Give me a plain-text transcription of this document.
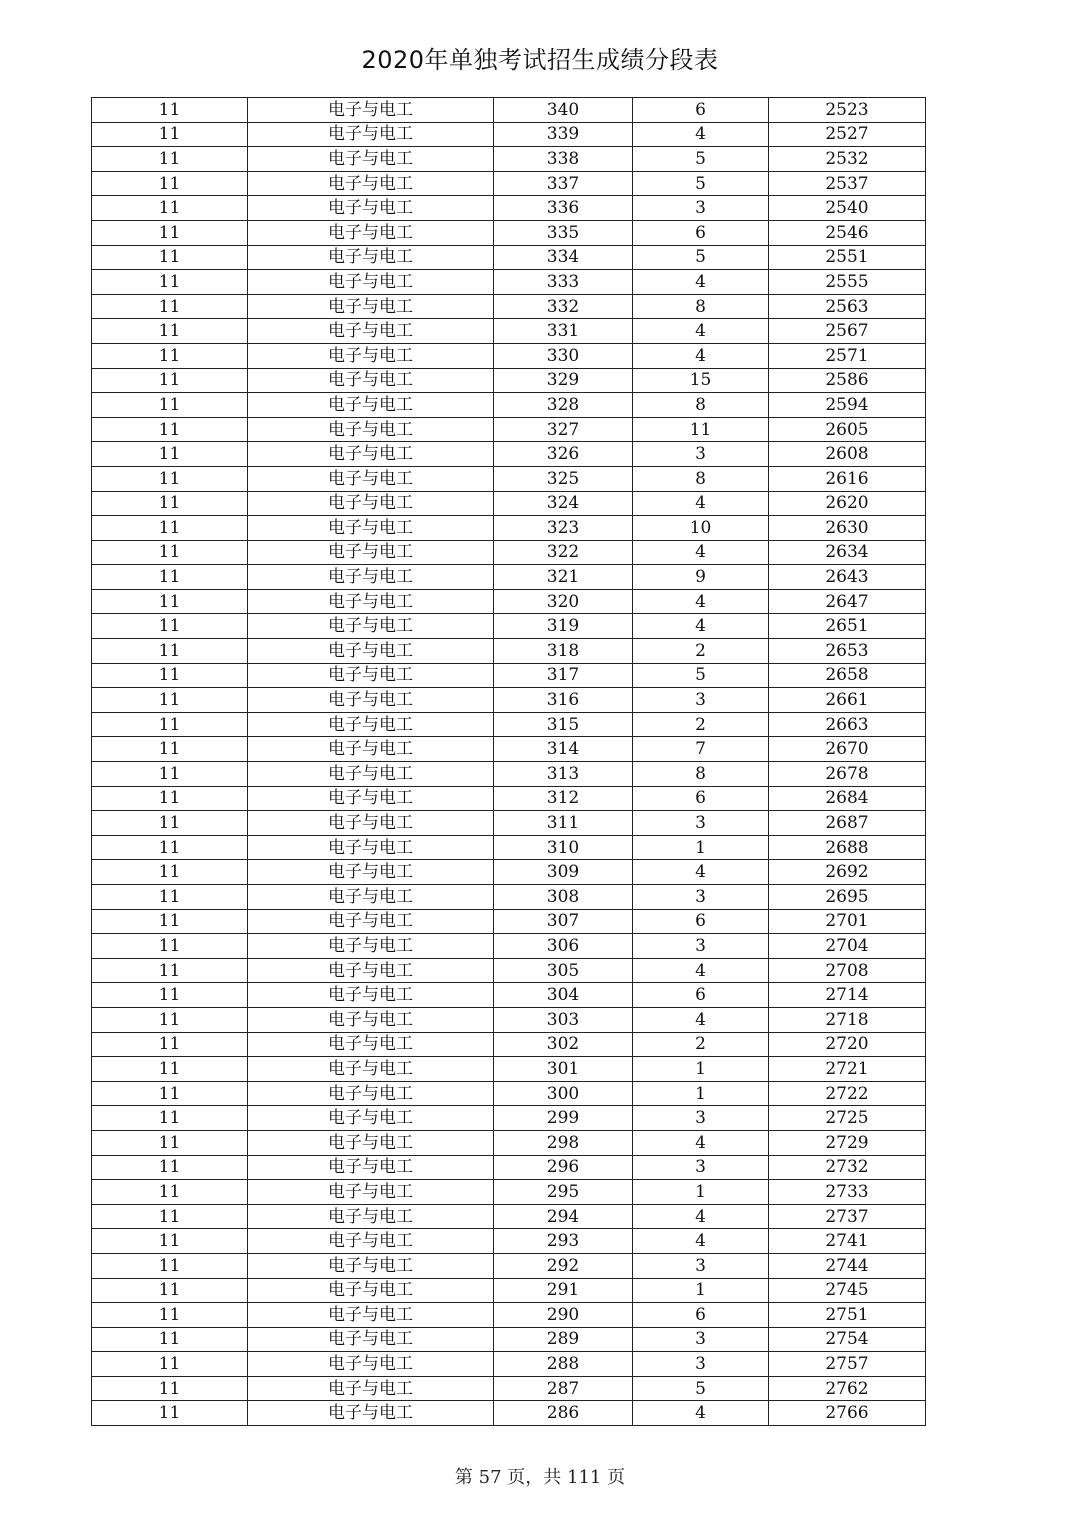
2020年单独考试招生成绩分段表
11	电子与电工	340	6	2523
11	电子与电工	339	4	2527
11	电子与电工	338	5	2532
11	电子与电工	337	5	2537
11	电子与电工	336	3	2540
11	电子与电工	335	6	2546
11	电子与电工	334	5	2551
11	电子与电工	333	4	2555
11	电子与电工	332	8	2563
11	电子与电工	331	4	2567
11	电子与电工	330	4	2571
11	电子与电工	329	15	2586
11	电子与电工	328	8	2594
11	电子与电工	327	11	2605
11	电子与电工	326	3	2608
11	电子与电工	325	8	2616
11	电子与电工	324	4	2620
11	电子与电工	323	10	2630
11	电子与电工	322	4	2634
11	电子与电工	321	9	2643
11	电子与电工	320	4	2647
11	电子与电工	319	4	2651
11	电子与电工	318	2	2653
11	电子与电工	317	5	2658
11	电子与电工	316	3	2661
11	电子与电工	315	2	2663
11	电子与电工	314	7	2670
11	电子与电工	313	8	2678
11	电子与电工	312	6	2684
11	电子与电工	311	3	2687
11	电子与电工	310	1	2688
11	电子与电工	309	4	2692
11	电子与电工	308	3	2695
11	电子与电工	307	6	2701
11	电子与电工	306	3	2704
11	电子与电工	305	4	2708
11	电子与电工	304	6	2714
11	电子与电工	303	4	2718
11	电子与电工	302	2	2720
11	电子与电工	301	1	2721
11	电子与电工	300	1	2722
11	电子与电工	299	3	2725
11	电子与电工	298	4	2729
11	电子与电工	296	3	2732
11	电子与电工	295	1	2733
11	电子与电工	294	4	2737
11	电子与电工	293	4	2741
11	电子与电工	292	3	2744
11	电子与电工	291	1	2745
11	电子与电工	290	6	2751
11	电子与电工	289	3	2754
11	电子与电工	288	3	2757
11	电子与电工	287	5	2762
11	电子与电工	286	4	2766
第 57 页，共 111 页
